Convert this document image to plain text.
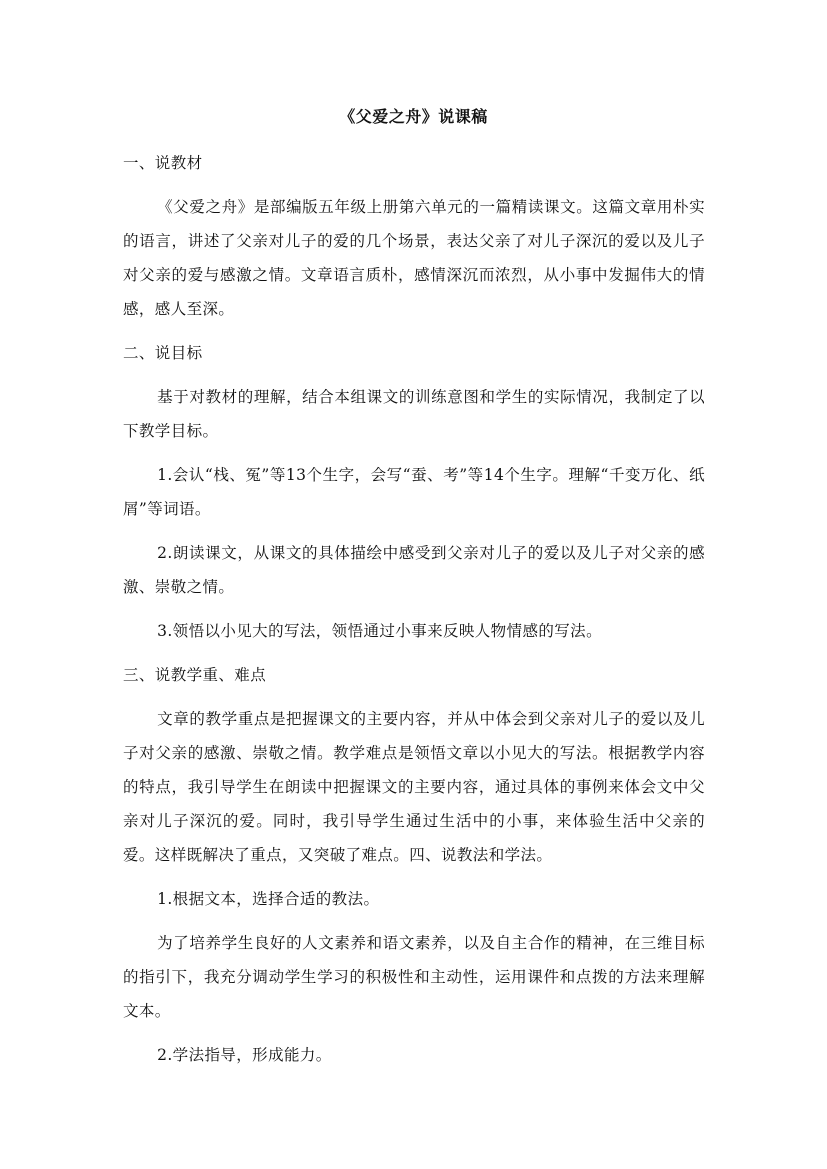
《父爱之舟》说课稿

一、说教材

《父爱之舟》是部编版五年级上册第六单元的一篇精读课文。这篇文章用朴实的语言，讲述了父亲对儿子的爱的几个场景，表达父亲了对儿子深沉的爱以及儿子对父亲的爱与感激之情。文章语言质朴，感情深沉而浓烈，从小事中发掘伟大的情感，感人至深。

二、说目标

基于对教材的理解，结合本组课文的训练意图和学生的实际情况，我制定了以下教学目标。

1.会认“栈、冤”等13个生字，会写“蚕、考”等14个生字。理解“千变万化、纸屑”等词语。

2.朗读课文，从课文的具体描绘中感受到父亲对儿子的爱以及儿子对父亲的感激、崇敬之情。

3.领悟以小见大的写法，领悟通过小事来反映人物情感的写法。

三、说教学重、难点

文章的教学重点是把握课文的主要内容，并从中体会到父亲对儿子的爱以及儿子对父亲的感激、崇敬之情。教学难点是领悟文章以小见大的写法。根据教学内容的特点，我引导学生在朗读中把握课文的主要内容，通过具体的事例来体会文中父亲对儿子深沉的爱。同时，我引导学生通过生活中的小事，来体验生活中父亲的爱。这样既解决了重点，又突破了难点。四、说教法和学法。

1.根据文本，选择合适的教法。

为了培养学生良好的人文素养和语文素养，以及自主合作的精神，在三维目标的指引下，我充分调动学生学习的积极性和主动性，运用课件和点拨的方法来理解文本。

2.学法指导，形成能力。
